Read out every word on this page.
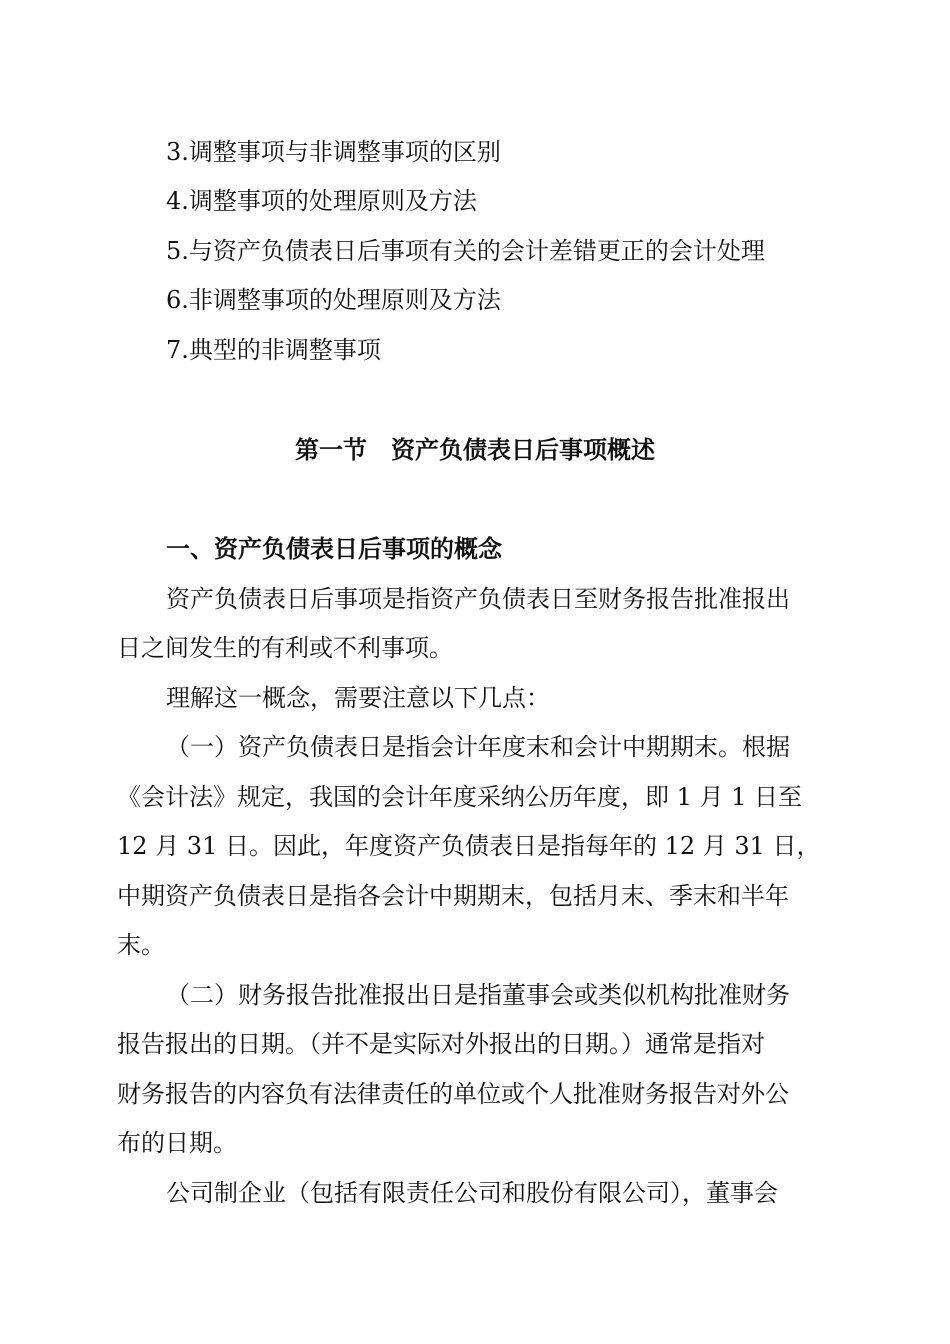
3.调整事项与非调整事项的区别
4.调整事项的处理原则及方法
5.与资产负债表日后事项有关的会计差错更正的会计处理
6.非调整事项的处理原则及方法
7.典型的非调整事项
第一节　资产负债表日后事项概述
一、资产负债表日后事项的概念
资产负债表日后事项是指资产负债表日至财务报告批准报出
日之间发生的有利或不利事项。
理解这一概念，需要注意以下几点：
（一）资产负债表日是指会计年度末和会计中期期末。根据
《会计法》规定，我国的会计年度采纳公历年度，即 1 月 1 日至
12 月 31 日。因此，年度资产负债表日是指每年的 12 月 31 日，
中期资产负债表日是指各会计中期期末，包括月末、季末和半年
末。
（二）财务报告批准报出日是指董事会或类似机构批准财务
报告报出的日期。（并不是实际对外报出的日期。）通常是指对
财务报告的内容负有法律责任的单位或个人批准财务报告对外公
布的日期。
公司制企业（包括有限责任公司和股份有限公司），董事会
